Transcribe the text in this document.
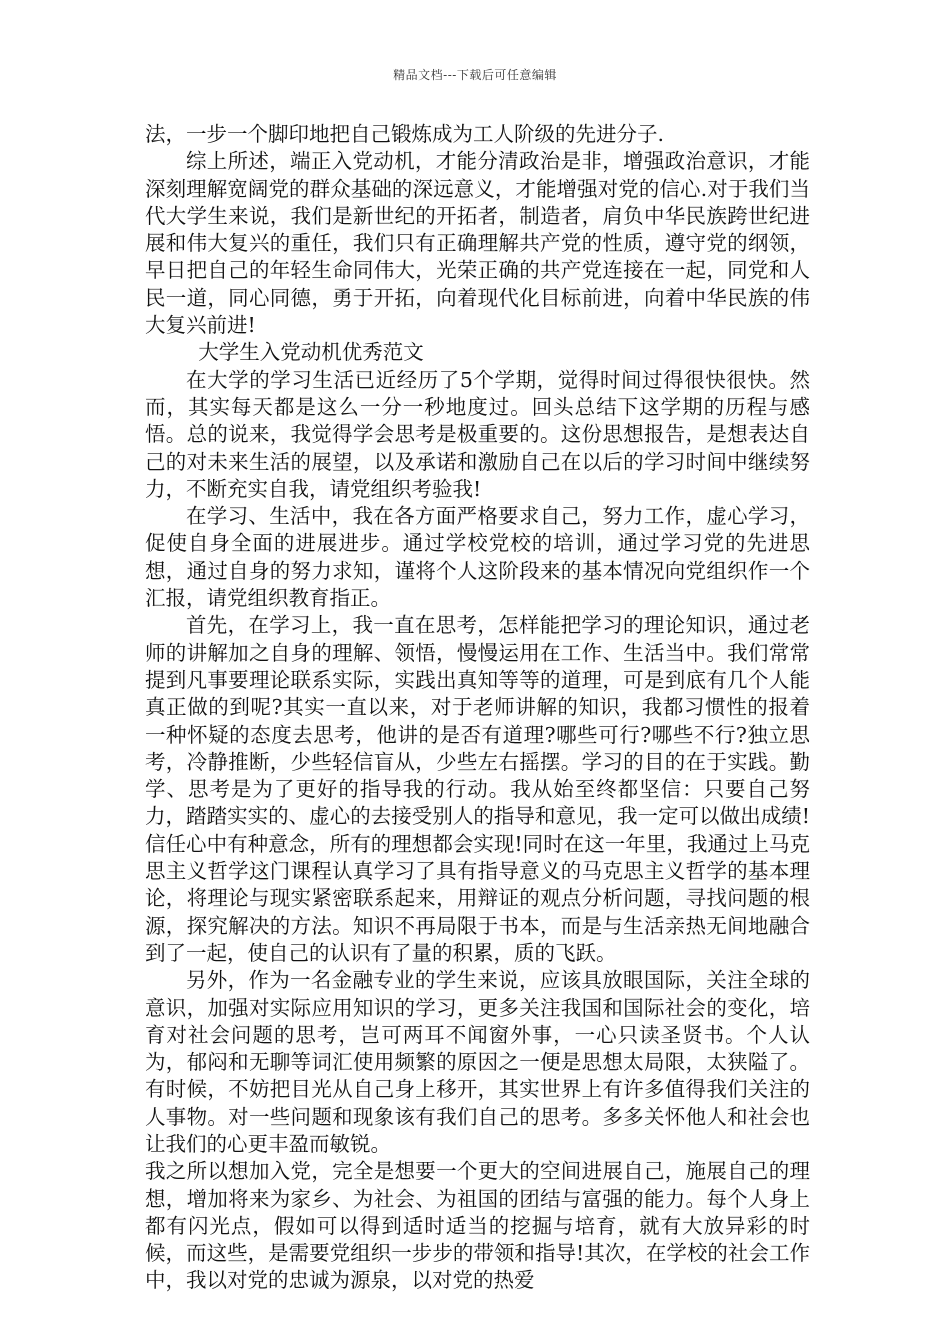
精品文档---下载后可任意编辑

法，一步一个脚印地把自己锻炼成为工人阶级的先进分子.

综上所述，端正入党动机，才能分清政治是非，增强政治意识，才能深刻理解宽阔党的群众基础的深远意义，才能增强对党的信心.对于我们当代大学生来说，我们是新世纪的开拓者，制造者，肩负中华民族跨世纪进展和伟大复兴的重任，我们只有正确理解共产党的性质，遵守党的纲领，早日把自己的年轻生命同伟大，光荣正确的共产党连接在一起，同党和人民一道，同心同德，勇于开拓，向着现代化目标前进，向着中华民族的伟大复兴前进!

大学生入党动机优秀范文

在大学的学习生活已近经历了5个学期，觉得时间过得很快很快。然而，其实每天都是这么一分一秒地度过。回头总结下这学期的历程与感悟。总的说来，我觉得学会思考是极重要的。这份思想报告，是想表达自己的对未来生活的展望，以及承诺和激励自己在以后的学习时间中继续努力，不断充实自我，请党组织考验我!

在学习、生活中，我在各方面严格要求自己，努力工作，虚心学习，促使自身全面的进展进步。通过学校党校的培训，通过学习党的先进思想，通过自身的努力求知，谨将个人这阶段来的基本情况向党组织作一个汇报，请党组织教育指正。

首先，在学习上，我一直在思考，怎样能把学习的理论知识，通过老师的讲解加之自身的理解、领悟，慢慢运用在工作、生活当中。我们常常提到凡事要理论联系实际，实践出真知等等的道理，可是到底有几个人能真正做的到呢?其实一直以来，对于老师讲解的知识，我都习惯性的报着一种怀疑的态度去思考，他讲的是否有道理?哪些可行?哪些不行?独立思考，冷静推断，少些轻信盲从，少些左右摇摆。学习的目的在于实践。勤学、思考是为了更好的指导我的行动。我从始至终都坚信：只要自己努力，踏踏实实的、虚心的去接受别人的指导和意见，我一定可以做出成绩!信任心中有种意念，所有的理想都会实现!同时在这一年里，我通过上马克思主义哲学这门课程认真学习了具有指导意义的马克思主义哲学的基本理论，将理论与现实紧密联系起来，用辩证的观点分析问题，寻找问题的根源，探究解决的方法。知识不再局限于书本，而是与生活亲热无间地融合到了一起，使自己的认识有了量的积累，质的飞跃。

另外，作为一名金融专业的学生来说，应该具放眼国际，关注全球的意识，加强对实际应用知识的学习，更多关注我国和国际社会的变化，培育对社会问题的思考，岂可两耳不闻窗外事，一心只读圣贤书。个人认为，郁闷和无聊等词汇使用频繁的原因之一便是思想太局限，太狭隘了。有时候，不妨把目光从自己身上移开，其实世界上有许多值得我们关注的人事物。对一些问题和现象该有我们自己的思考。多多关怀他人和社会也让我们的心更丰盈而敏锐。

我之所以想加入党，完全是想要一个更大的空间进展自己，施展自己的理想，增加将来为家乡、为社会、为祖国的团结与富强的能力。每个人身上都有闪光点，假如可以得到适时适当的挖掘与培育，就有大放异彩的时候，而这些，是需要党组织一步步的带领和指导!其次，在学校的社会工作中，我以对党的忠诚为源泉，以对党的热爱
